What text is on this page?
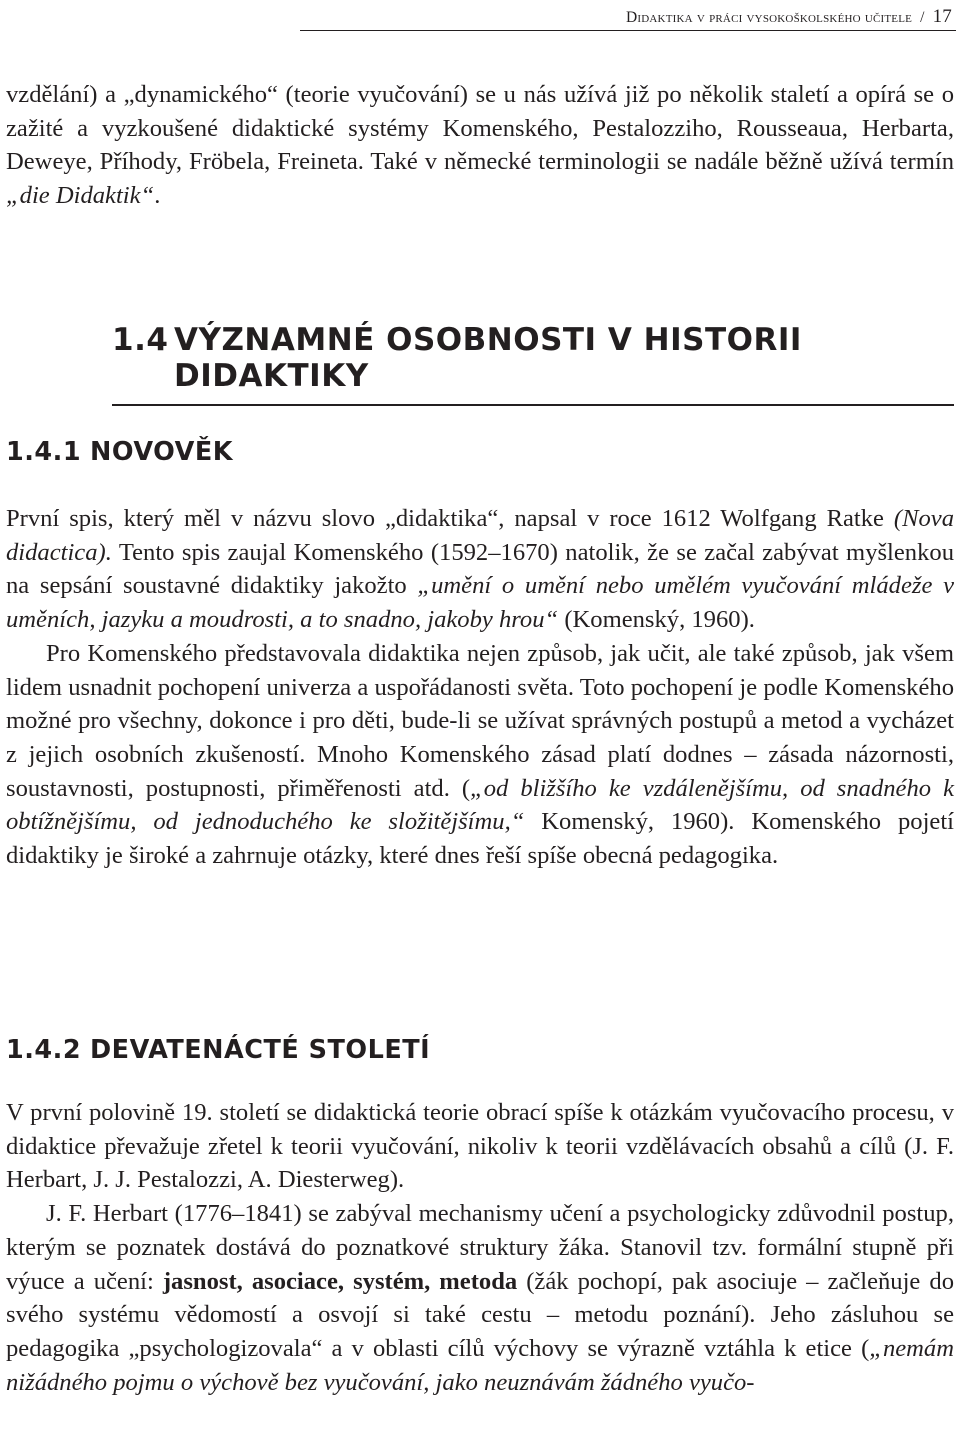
Didaktika v práci vysokoškolského učitele / 17

vzdělání) a „dynamického“ (teorie vyučování) se u nás užívá již po několik staletí a opírá se o zažité a vyzkoušené didaktické systémy Komenského, Pestalozziho, Rousseaua, Herbarta, Deweye, Příhody, Fröbela, Freineta. Také v německé terminologii se nadále běžně užívá termín „die Didaktik“.

1.4 VÝZNAMNÉ OSOBNOSTI V HISTORII
DIDAKTIKY
1.4.1 NOVOVĚK

První spis, který měl v názvu slovo „didaktika“, napsal v roce 1612 Wolfgang Ratke (Nova didactica). Tento spis zaujal Komenského (1592–1670) natolik, že se začal zabývat myšlenkou na sepsání soustavné didaktiky jakožto „umění o umění nebo umělém vyučování mládeže v uměních, jazyku a moudrosti, a to snadno, jakoby hrou“ (Komenský, 1960).

Pro Komenského představovala didaktika nejen způsob, jak učit, ale také způsob, jak všem lidem usnadnit pochopení univerza a uspořádanosti světa. Toto pochopení je podle Komenského možné pro všechny, dokonce i pro děti, bude-li se užívat správných postupů a metod a vycházet z jejich osobních zkušeností. Mnoho Komenského zásad platí dodnes – zásada názornosti, soustavnosti, postupnosti, přiměřenosti atd. („od bližšího ke vzdálenějšímu, od snadného k obtížnějšímu, od jednoduchého ke složitějšímu,“ Komenský, 1960). Komenského pojetí didaktiky je široké a zahrnuje otázky, které dnes řeší spíše obecná pedagogika.

1.4.2 DEVATENÁCTÉ STOLETÍ

V první polovině 19. století se didaktická teorie obrací spíše k otázkám vyučovacího procesu, v didaktice převažuje zřetel k teorii vyučování, nikoliv k teorii vzdělávacích obsahů a cílů (J. F. Herbart, J. J. Pestalozzi, A. Diesterweg).

J. F. Herbart (1776–1841) se zabýval mechanismy učení a psychologicky zdůvodnil postup, kterým se poznatek dostává do poznatkové struktury žáka. Stanovil tzv. formální stupně při výuce a učení: jasnost, asociace, systém, metoda (žák pochopí, pak asociuje – začleňuje do svého systému vědomostí a osvojí si také cestu – metodu poznání). Jeho zásluhou se pedagogika „psychologizovala“ a v oblasti cílů výchovy se výrazně vztáhla k etice („nemám nižádného pojmu o výchově bez vyučování, jako neuznávám žádného vyučo-
